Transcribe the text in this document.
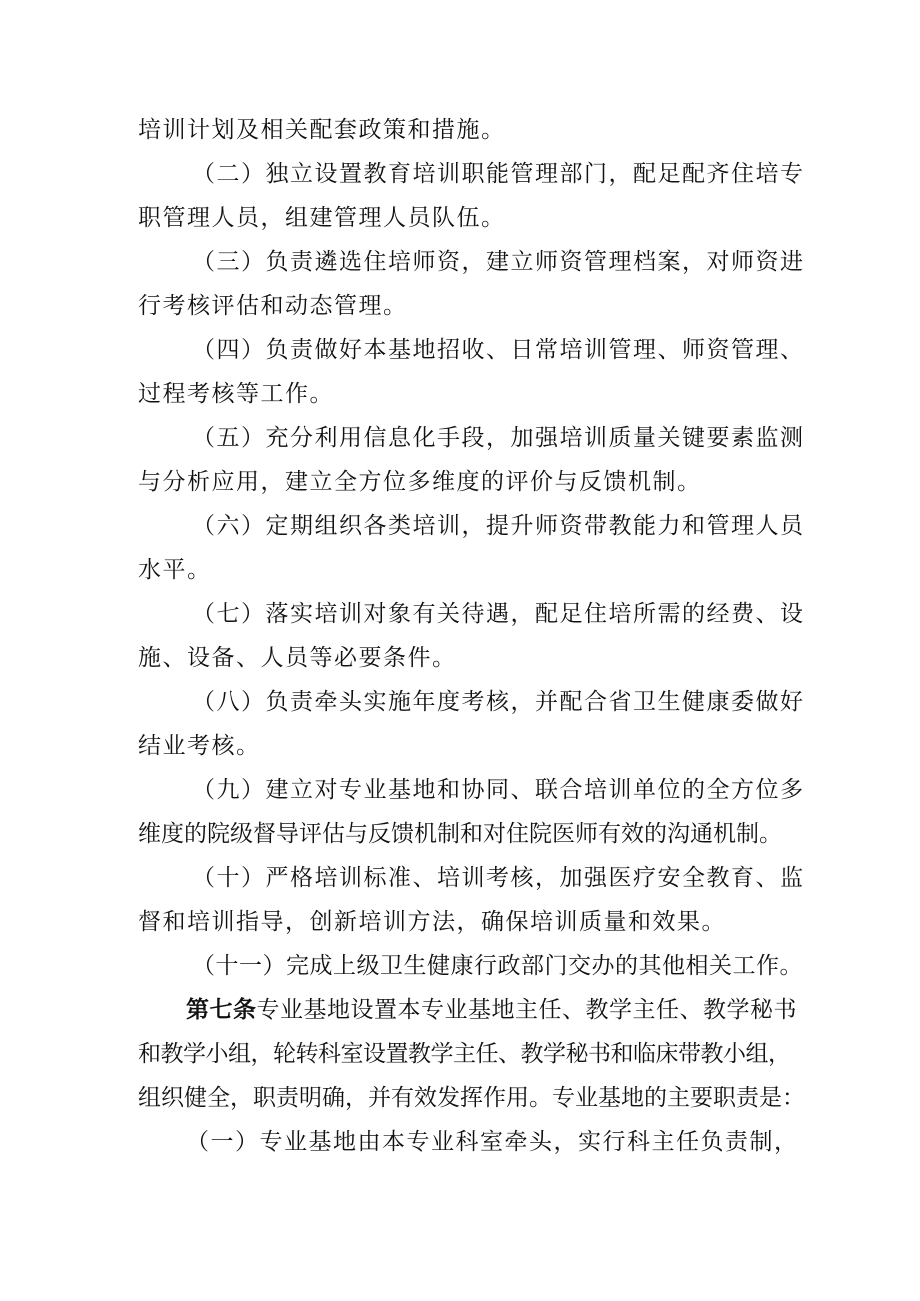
培训计划及相关配套政策和措施。

（二）独立设置教育培训职能管理部门，配足配齐住培专
职管理人员，组建管理人员队伍。

（三）负责遴选住培师资，建立师资管理档案，对师资进
行考核评估和动态管理。

（四）负责做好本基地招收、日常培训管理、师资管理、
过程考核等工作。

（五）充分利用信息化手段，加强培训质量关键要素监测
与分析应用，建立全方位多维度的评价与反馈机制。

（六）定期组织各类培训，提升师资带教能力和管理人员
水平。

（七）落实培训对象有关待遇，配足住培所需的经费、设
施、设备、人员等必要条件。

（八）负责牵头实施年度考核，并配合省卫生健康委做好
结业考核。

（九）建立对专业基地和协同、联合培训单位的全方位多
维度的院级督导评估与反馈机制和对住院医师有效的沟通机制。

（十）严格培训标准、培训考核，加强医疗安全教育、监
督和培训指导，创新培训方法，确保培训质量和效果。

（十一）完成上级卫生健康行政部门交办的其他相关工作。

第七条专业基地设置本专业基地主任、教学主任、教学秘书
和教学小组，轮转科室设置教学主任、教学秘书和临床带教小组，
组织健全，职责明确，并有效发挥作用。专业基地的主要职责是：

（一）专业基地由本专业科室牵头，实行科主任负责制，
